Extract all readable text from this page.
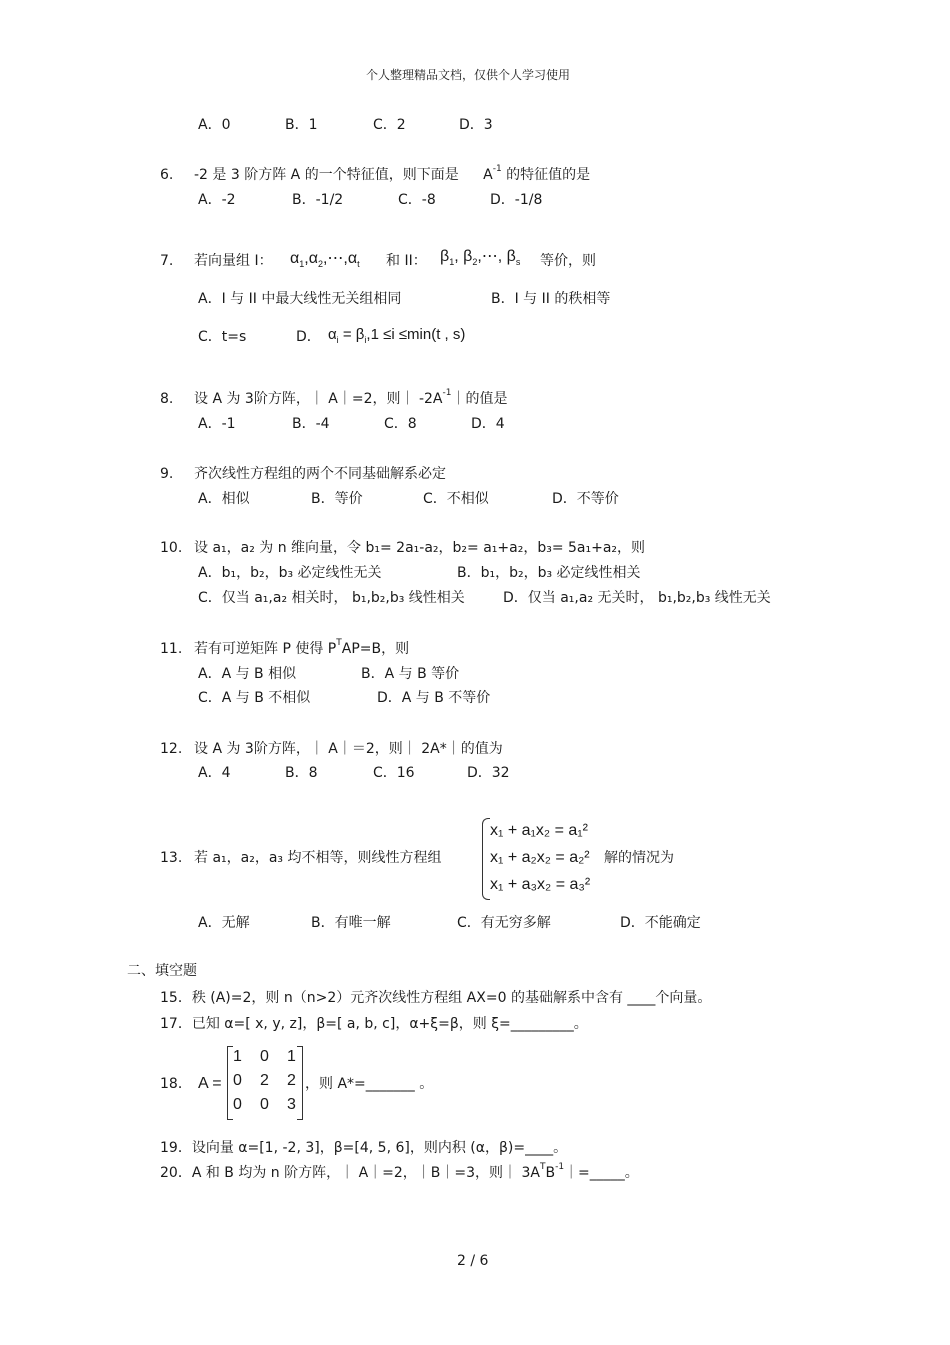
个人整理精品文档，仅供个人学习使用
A．0	B．1	C．2	D．3
6. -2 是 3 阶方阵 A 的一个特征值，则下面是 $A^{-1}$ 的特征值的是
A．-2	B．-1/2	C．-8	D．-1/8
7. 若向量组 I： $\alpha_1,\alpha_2,\cdots,\alpha_t$ 和 II： $\beta_1$, $\beta_2,\cdots$, $\beta_s$ 等价，则
A．I 与 II 中最大线性无关组相同	B．I 与 II 的秩相等
C．t=s	D． $\alpha_i = \beta_i,1 \le i \le\min(t$ , s)
8. 设 A 为 3阶方阵，｜ A｜=2，则｜ $-2A^{-1}|$的值是
A．-1	B．-4	C．8	D．4
9. 齐次线性方程组的两个不同基础解系必定
A．相似	B．等价	C．不相似	D．不等价
10. 设 a₁，a₂ 为 n 维向量，令 b₁= 2a₁-a₂，b₂= a₁+a₂，b₃= 5a₁+a₂，则
A．b₁，b₂，b₃ 必定线性无关	B．b₁，b₂，b₃ 必定线性相关
C．仅当 a₁,a₂ 相关时， b₁,b₂,b₃ 线性相关	D．仅当 a₁,a₂ 无关时， b₁,b₂,b₃ 线性无关
11. 若有可逆矩阵 P 使得 $P^TAP=B$，则
A．A 与 B 相似	B．A 与 B 等价
C．A 与 B 不相似	D．A 与 B 不等价
12. 设 A 为 3阶方阵，｜ A｜＝2，则｜ 2A*｜的值为
A．4	B．8	C．16	D．32
13. 若 a₁，a₂，a₃ 均不相等，则线性方程组
x₁ + a₁x₂ = a₁²
x₁ + a₂x₂ = a₂²
x₁ + a₃x₂ = a₃²
解的情况为
A．无解	B．有唯一解	C．有无穷多解	D．不能确定
二、填空题
15．秩 (A)=2，则 n（n>2）元齐次线性方程组 AX=0 的基础解系中含有 ____个向量。
17．已知 α=[ x, y, z]，β=[ a, b, c]，α+ξ=β，则 ξ=_________。
18． A =
1 0 1
0 2 2
0 0 3
，则 A*=_______ 。
19．设向量 α=[1, -2, 3]，β=[4, 5, 6]，则内积 (α，β)=____。
20．A 和 B 均为 n 阶方阵，｜ A｜=2，｜B｜=3，则｜ $3A^TB^{-1}|=\_\_\_\_\_$。
2 / 6
